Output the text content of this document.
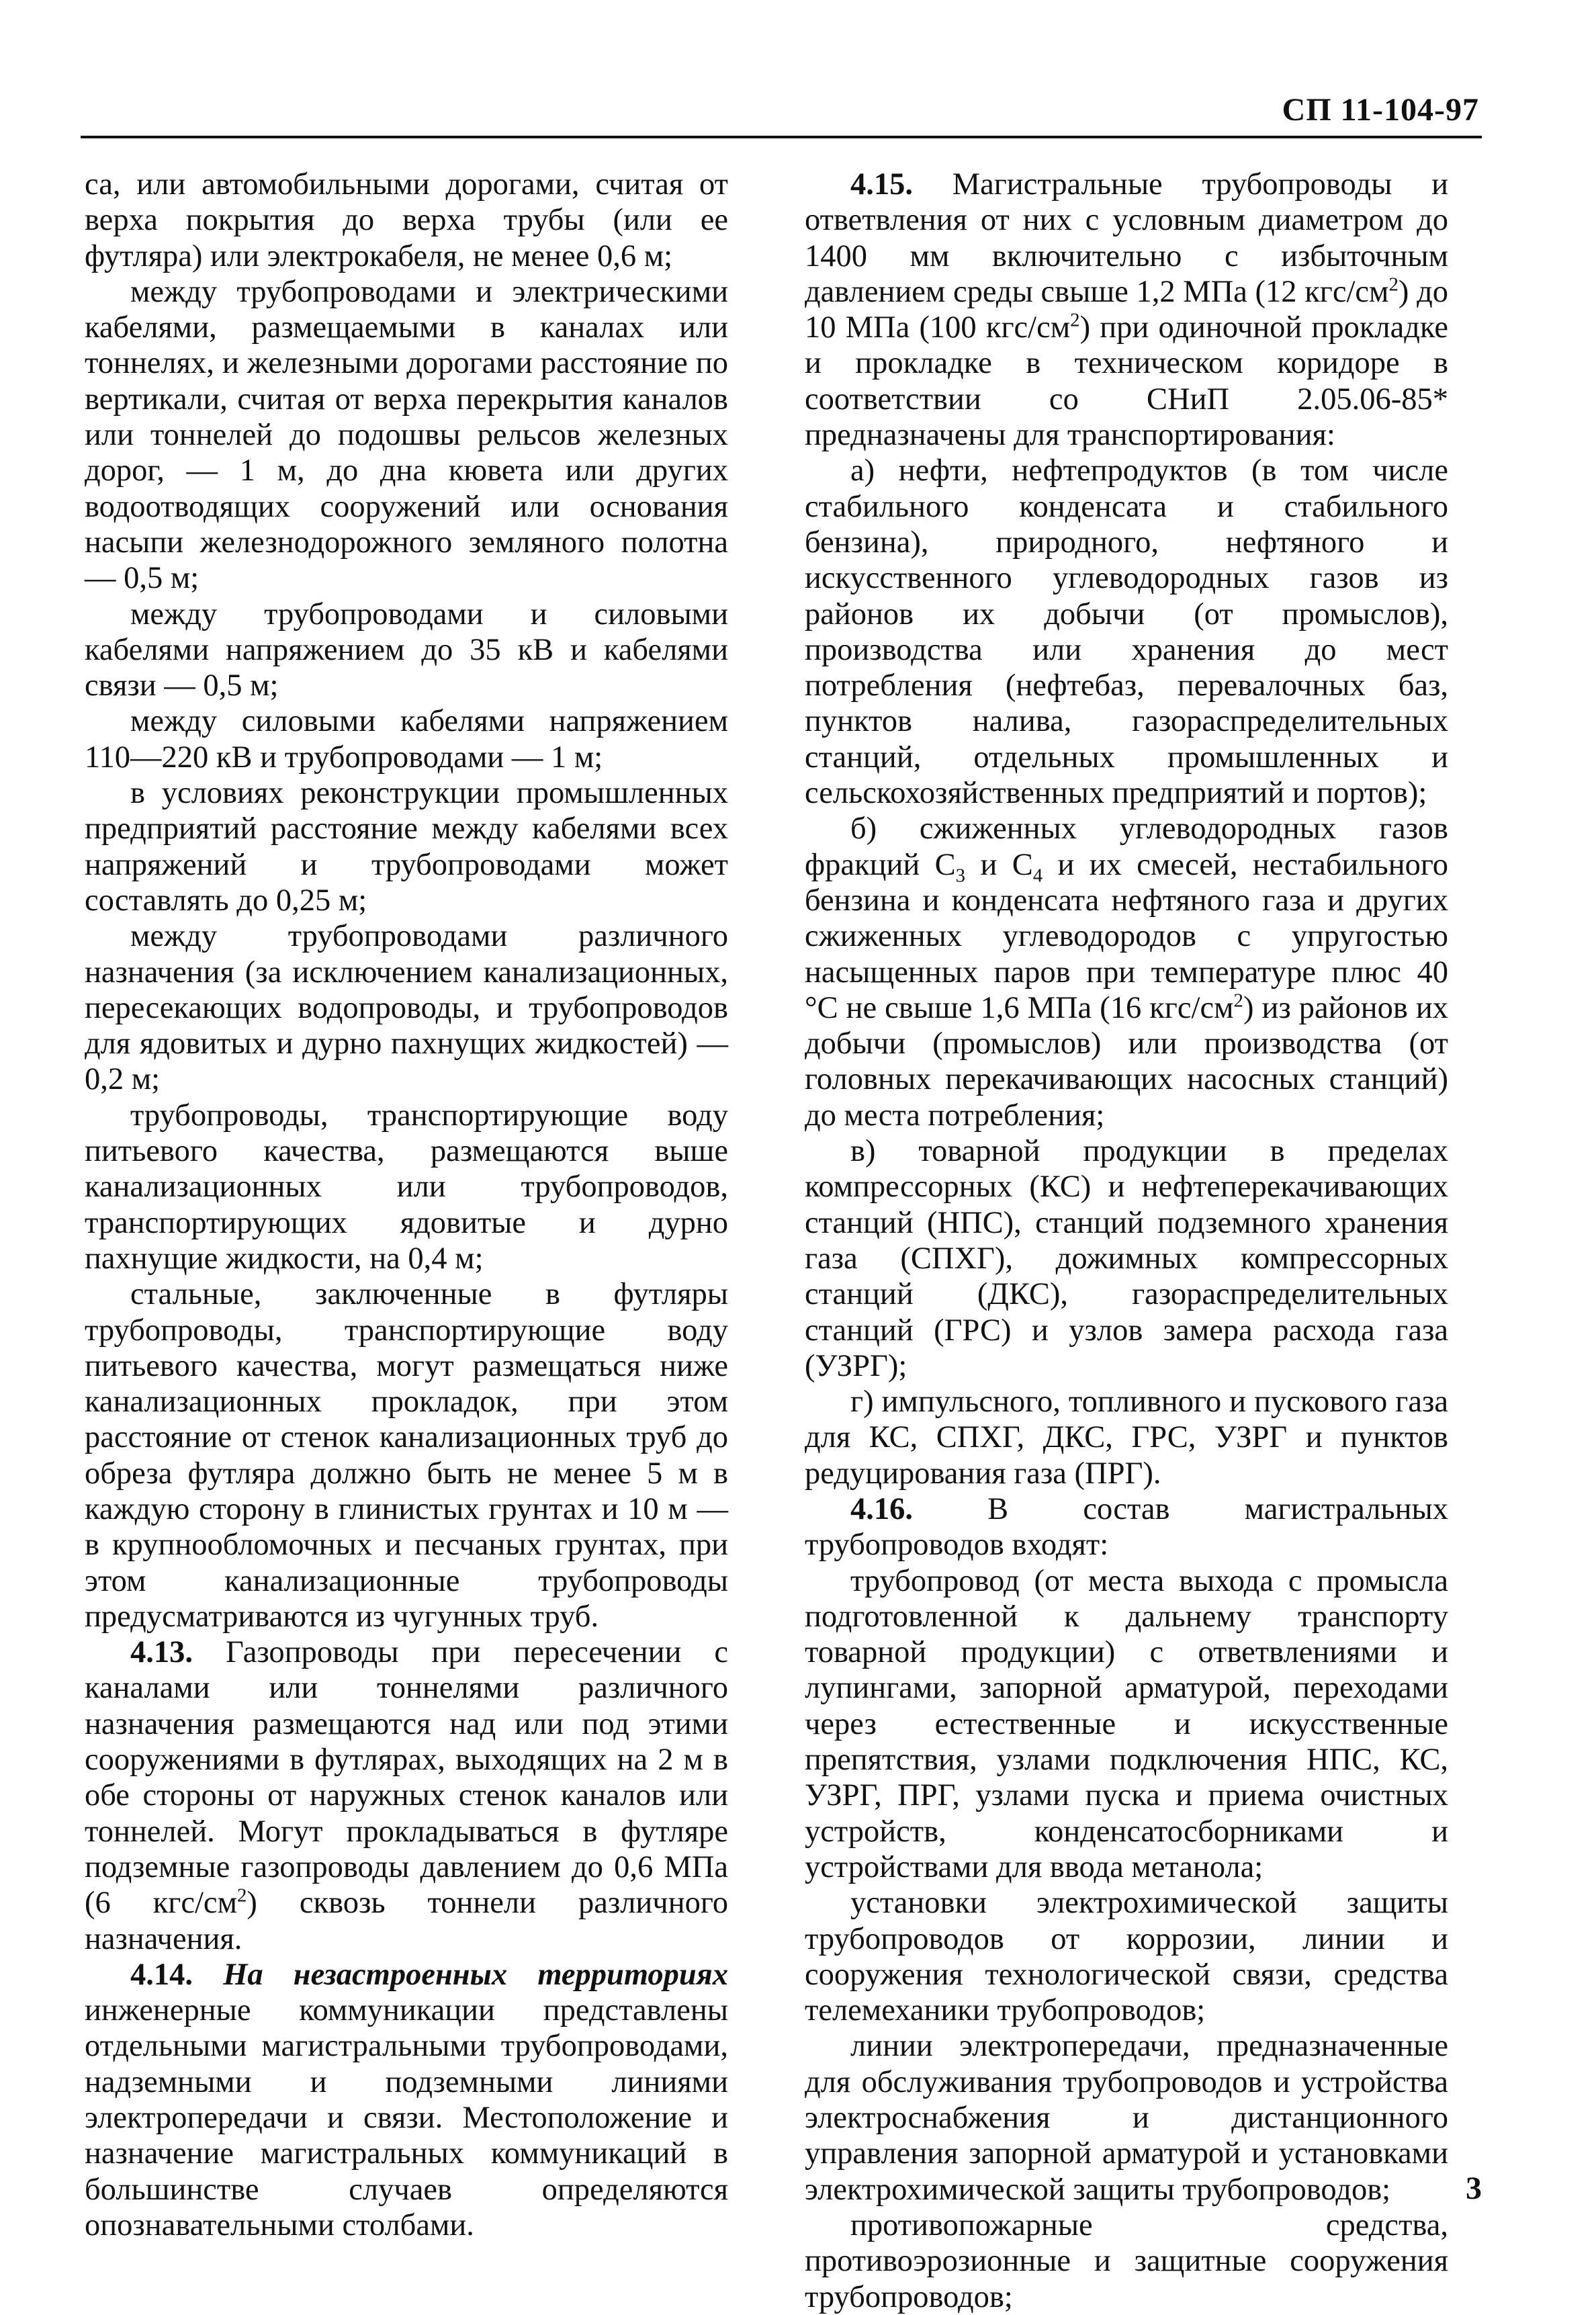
СП 11-104-97

са, или автомобильными дорогами, считая от верха покрытия до верха трубы (или ее футляра) или электрокабеля, не менее 0,6 м;

между трубопроводами и электрическими кабелями, размещаемыми в каналах или тоннелях, и железными дорогами расстояние по вертикали, считая от верха перекрытия каналов или тоннелей до подошвы рельсов железных дорог, — 1 м, до дна кювета или других водоотводящих сооружений или основания насыпи железнодорожного земляного полотна — 0,5 м;

между трубопроводами и силовыми кабелями напряжением до 35 кВ и кабелями связи — 0,5 м;

между силовыми кабелями напряжением 110—220 кВ и трубопроводами — 1 м;

в условиях реконструкции промышленных предприятий расстояние между кабелями всех напряжений и трубопроводами может составлять до 0,25 м;

между трубопроводами различного назначения (за исключением канализационных, пересекающих водопроводы, и трубопроводов для ядовитых и дурно пахнущих жидкостей) — 0,2 м;

трубопроводы, транспортирующие воду питьевого качества, размещаются выше канализационных или трубопроводов, транспортирующих ядовитые и дурно пахнущие жидкости, на 0,4 м;

стальные, заключенные в футляры трубопроводы, транспортирующие воду питьевого качества, могут размещаться ниже канализационных прокладок, при этом расстояние от стенок канализационных труб до обреза футляра должно быть не менее 5 м в каждую сторону в глинистых грунтах и 10 м — в крупнообломочных и песчаных грунтах, при этом канализационные трубопроводы предусматриваются из чугунных труб.

4.13. Газопроводы при пересечении с каналами или тоннелями различного назначения размещаются над или под этими сооружениями в футлярах, выходящих на 2 м в обе стороны от наружных стенок каналов или тоннелей. Могут прокладываться в футляре подземные газопроводы давлением до 0,6 МПа (6 кгс/$см^2$) сквозь тоннели различного назначения.

4.14. На незастроенных территориях инженерные коммуникации представлены отдельными магистральными трубопроводами, надземными и подземными линиями электропередачи и связи. Местоположение и назначение магистральных коммуникаций в большинстве случаев определяются опознавательными столбами.

4.15. Магистральные трубопроводы и ответвления от них с условным диаметром до 1400 мм включительно с избыточным давлением среды свыше 1,2 МПа (12 кгс/$см^2$) до 10 МПа (100 кгс/$см^2$) при одиночной прокладке и прокладке в техническом коридоре в соответствии со СНиП 2.05.06-85* предназначены для транспортирования:

а) нефти, нефтепродуктов (в том числе стабильного конденсата и стабильного бензина), природного, нефтяного и искусственного углеводородных газов из районов их добычи (от промыслов), производства или хранения до мест потребления (нефтебаз, перевалочных баз, пунктов налива, газораспределительных станций, отдельных промышленных и сельскохозяйственных предприятий и портов);

б) сжиженных углеводородных газов фракций $С_3$ и $С_4$ и их смесей, нестабильного бензина и конденсата нефтяного газа и других сжиженных углеводородов с упругостью насыщенных паров при температуре плюс 40 °С не свыше 1,6 МПа (16 кгс/$см^2$) из районов их добычи (промыслов) или производства (от головных перекачивающих насосных станций) до места потребления;

в) товарной продукции в пределах компрессорных (КС) и нефтеперекачивающих станций (НПС), станций подземного хранения газа (СПХГ), дожимных компрессорных станций (ДКС), газораспределительных станций (ГРС) и узлов замера расхода газа (УЗРГ);

г) импульсного, топливного и пускового газа для КС, СПХГ, ДКС, ГРС, УЗРГ и пунктов редуцирования газа (ПРГ).

4.16. В состав магистральных трубопроводов входят:

трубопровод (от места выхода с промысла подготовленной к дальнему транспорту товарной продукции) с ответвлениями и лупингами, запорной арматурой, переходами через естественные и искусственные препятствия, узлами подключения НПС, КС, УЗРГ, ПРГ, узлами пуска и приема очистных устройств, конденсатосборниками и устройствами для ввода метанола;

установки электрохимической защиты трубопроводов от коррозии, линии и сооружения технологической связи, средства телемеханики трубопроводов;

линии электропередачи, предназначенные для обслуживания трубопроводов и устройства электроснабжения и дистанционного управления запорной арматурой и установками электрохимической защиты трубопроводов;

противопожарные средства, противоэрозионные и защитные сооружения трубопроводов;

3
